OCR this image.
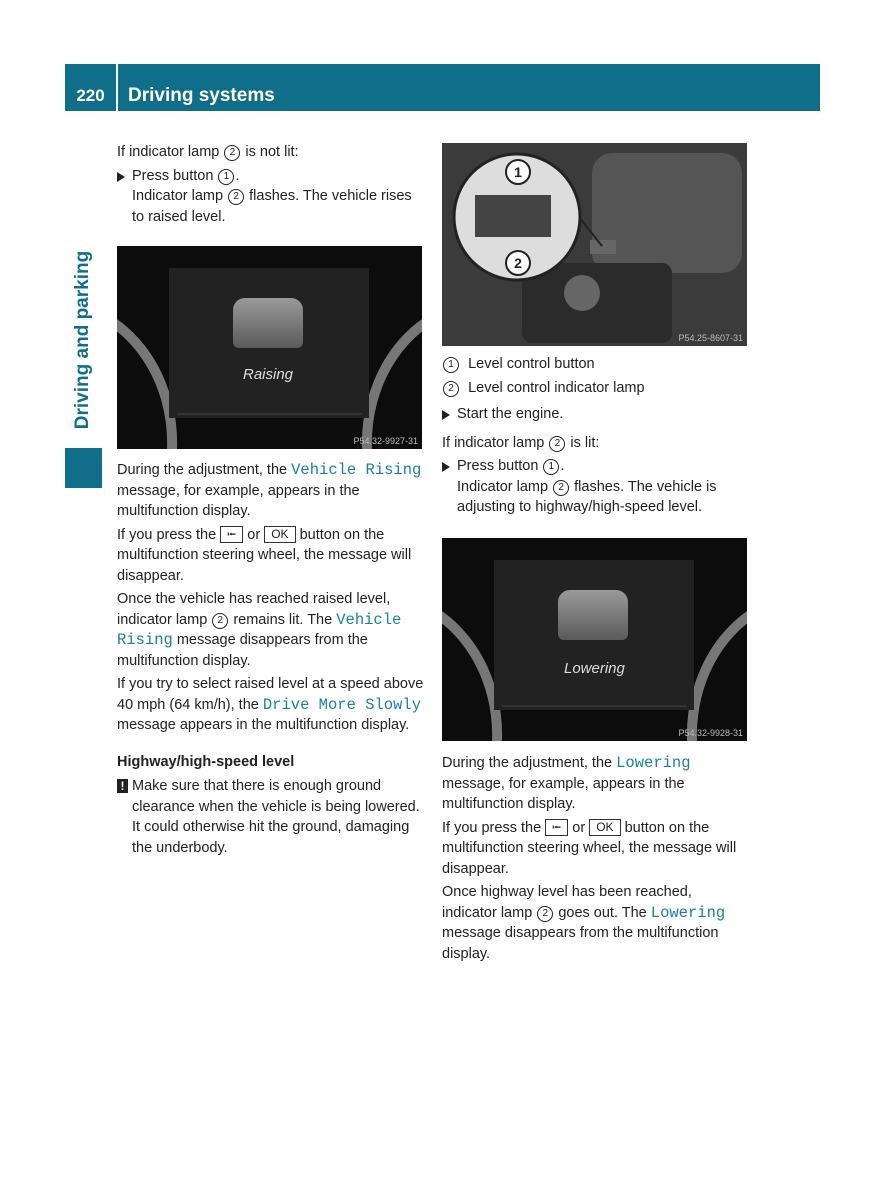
220	Driving systems
Driving and parking

If indicator lamp 2 is not lit:

Press button 1 .
Indicator lamp 2 flashes. The vehicle rises to raised level.
Raising
P54.32-9927-31

During the adjustment, the Vehicle Rising message, for example, appears in the multifunction display.

If you press the ⭰ or OK button on the multifunction steering wheel, the message will disappear.

Once the vehicle has reached raised level, indicator lamp 2 remains lit. The Vehicle Rising message disappears from the multifunction display.

If you try to select raised level at a speed above 40 mph (64 km/h), the Drive More Slowly message appears in the multifunction display.

Highway/high-speed level
! Make sure that there is enough ground clearance when the vehicle is being lowered. It could otherwise hit the ground, damaging the underbody.
1
2
P54.25-8607-31

1 Level control button

2 Level control indicator lamp

Start the engine.

If indicator lamp 2 is lit:

Press button 1 .
Indicator lamp 2 flashes. The vehicle is adjusting to highway/high-speed level.
Lowering
P54.32-9928-31

During the adjustment, the Lowering message, for example, appears in the multifunction display.

If you press the ⭰ or OK button on the multifunction steering wheel, the message will disappear.

Once highway level has been reached, indicator lamp 2 goes out. The Lowering message disappears from the multifunction display.
